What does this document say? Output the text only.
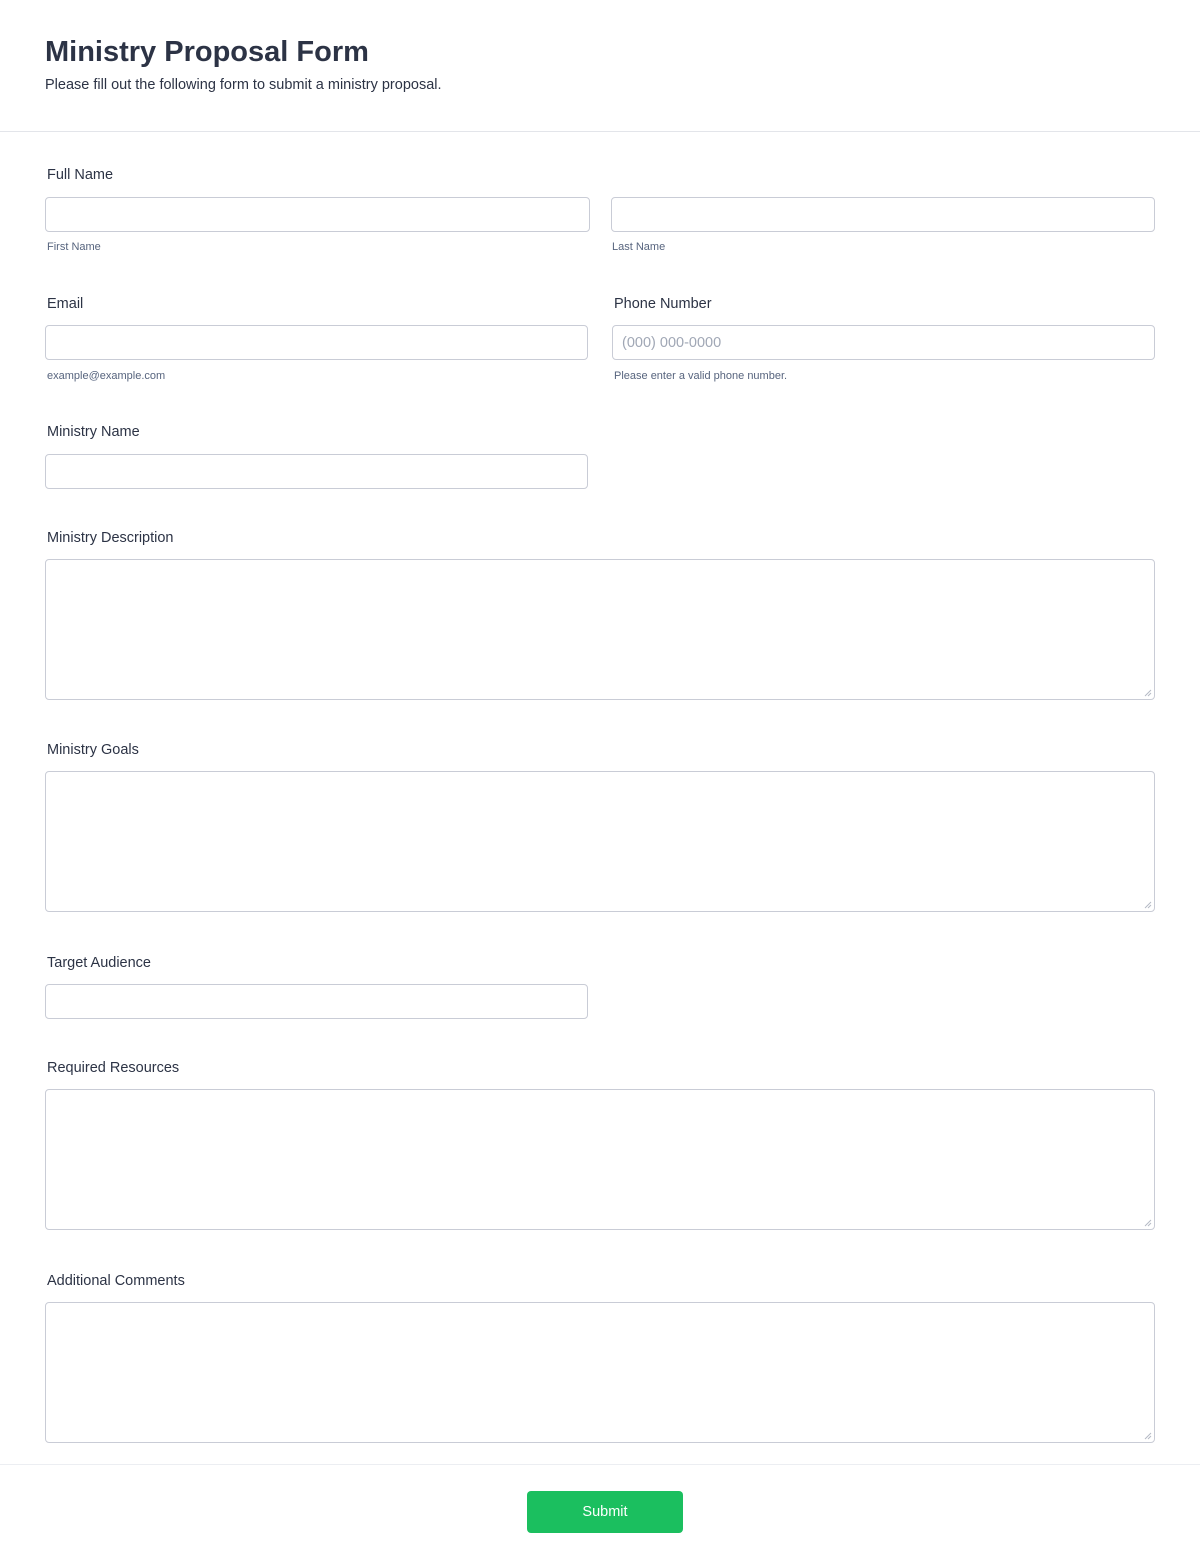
Ministry Proposal Form

Please fill out the following form to submit a ministry proposal.

Full Name
First Name	Last Name
Email
example@example.com
Phone Number
(000) 000-0000
Please enter a valid phone number.
Ministry Name
Ministry Description
Ministry Goals
Target Audience
Required Resources
Additional Comments
Submit
